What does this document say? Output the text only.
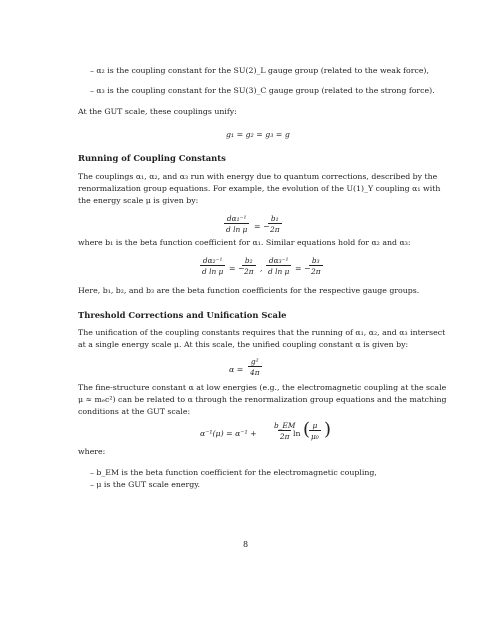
– α₂ is the coupling constant for the SU(2)_L gauge group (related to the weak force),
– α₃ is the coupling constant for the SU(3)_C gauge group (related to the strong force).
At the GUT scale, these couplings unify:
g₁ = g₂ = g₃ = g
Running of Coupling Constants
The couplings α₁, α₂, and α₃ run with energy due to quantum corrections, described by the
renormalization group equations. For example, the evolution of the U(1)_Y coupling α₁ with
the energy scale μ is given by:
$\frac{\text{dα₁⁻¹}}{\text{d ln μ}}$ = −
$\frac{\text{b₁}}{2\pi}$
where b₁ is the beta function coefficient for α₁. Similar equations hold for α₂ and α₃:
$\frac{\text{dα₂⁻¹}}{\text{d ln μ}}$ = −
$\frac{\text{b₂}}{2\pi}$ , $\frac{\text{dα₃⁻¹}}{\text{d ln μ}}$ = −
$\frac{\text{b₃}}{2\pi}$
Here, b₁, b₂, and b₃ are the beta function coefficients for the respective gauge groups.
Threshold Corrections and Unification Scale
The unification of the coupling constants requires that the running of α₁, α₂, and α₃ intersect
at a single energy scale μ. At this scale, the unified coupling constant α is given by:
$\alpha = \frac{\text{g²}}{4\pi}$
The fine-structure constant α at low energies (e.g., the electromagnetic coupling at the scale
μ ≈ mₑc²) can be related to α through the renormalization group equations and the matching
conditions at the GUT scale:
$\alpha^{-1}(\mu) = \alpha^{-1} + \frac{b\_EM}{2\pi}$
ln (
$\frac{\mu}{\text{μ₀}}$ )
where:
– b_EM is the beta function coefficient for the electromagnetic coupling,
– μ is the GUT scale energy.
8
